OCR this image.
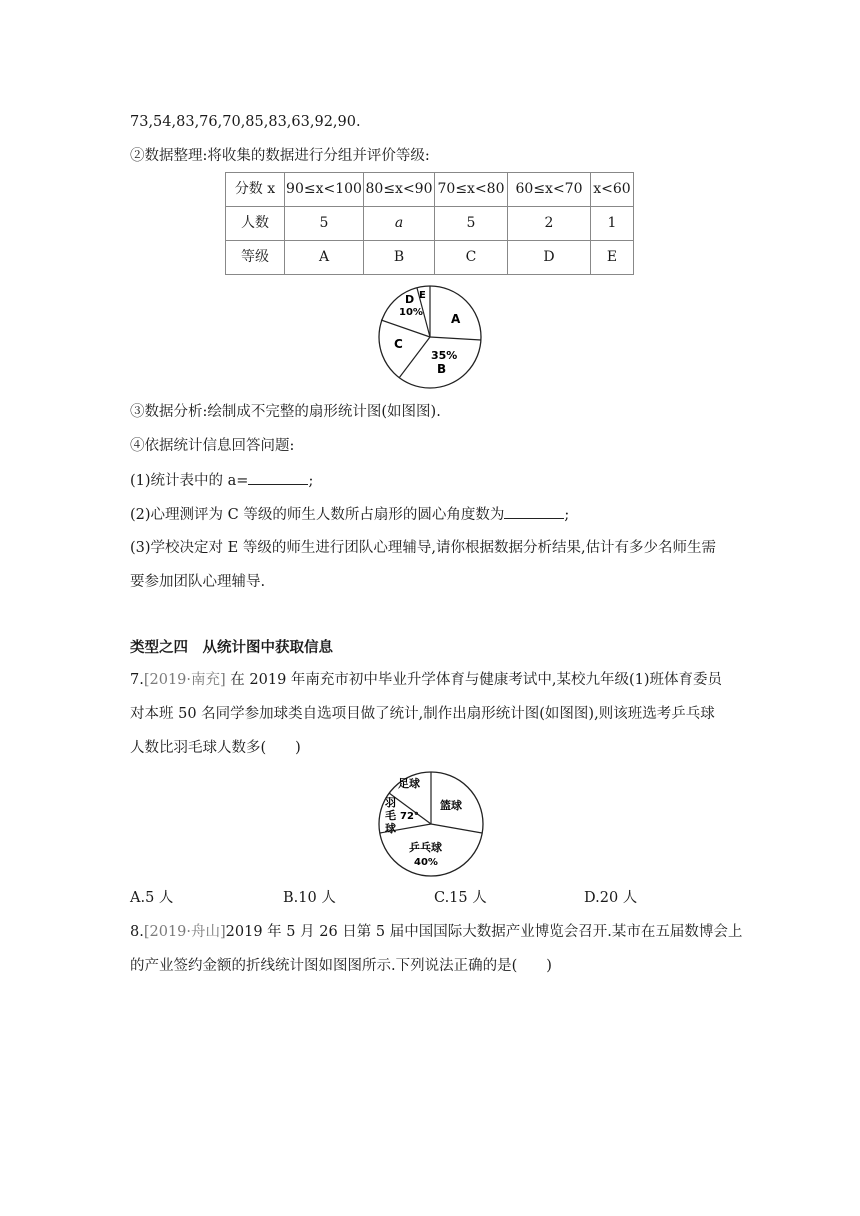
73,54,83,76,70,85,83,63,92,90.
②数据整理:将收集的数据进行分组并评价等级:
分数 x	90≤x<100	80≤x<90	70≤x<80	60≤x<70	x<60
人数	5	a	5	2	1
等级	A	B	C	D	E
A
35%
B
C
D
10%
E
③数据分析:绘制成不完整的扇形统计图(如图图).
④依据统计信息回答问题:
(1)统计表中的 a=	;
(2)心理测评为 C 等级的师生人数所占扇形的圆心角度数为	;
(3)学校决定对 E 等级的师生进行团队心理辅导,请你根据数据分析结果,估计有多少名师生需
要参加团队心理辅导.
类型之四　从统计图中获取信息
7.[2019·南充] 在 2019 年南充市初中毕业升学体育与健康考试中,某校九年级(1)班体育委员
对本班 50 名同学参加球类自选项目做了统计,制作出扇形统计图(如图图),则该班选考乒乓球
人数比羽毛球人数多(　　)
足球
羽
毛
球
72°
篮球
乒乓球
40%
A.5 人	B.10 人	C.15 人	D.20 人
8.[2019·舟山]2019 年 5 月 26 日第 5 届中国国际大数据产业博览会召开.某市在五届数博会上
的产业签约金额的折线统计图如图图所示.下列说法正确的是(　　)
